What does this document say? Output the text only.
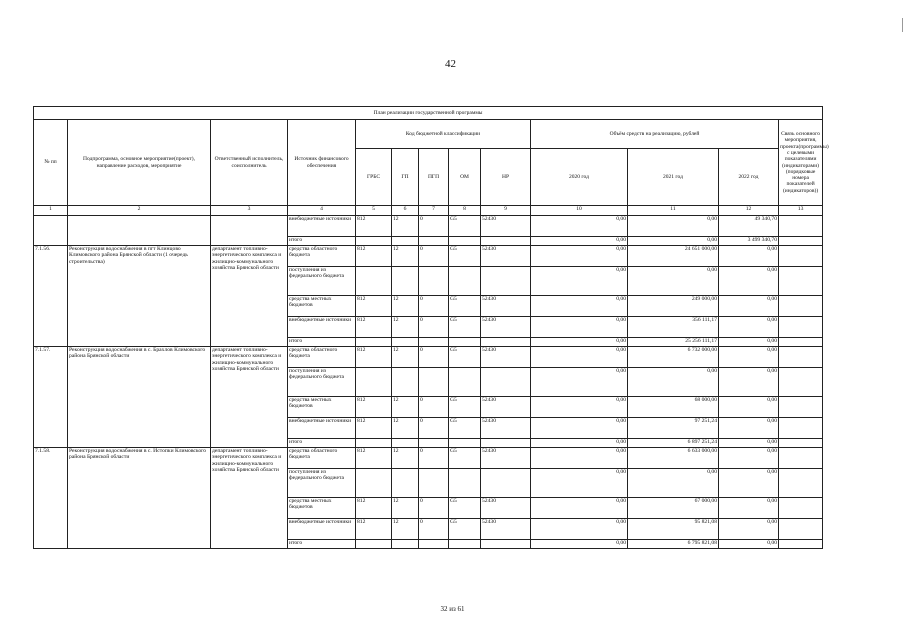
42
План реализации государственной программы												
№ пп	Подпрограмма, основное мероприятие(проект), направление расходов, мероприятие	Ответственный исполнитель, соисполнитель	Источник финансового обеспечения	Код бюджетной классификации					Объём средств на реализацию, рублей			Связь основного мероприятия, проекта(программы) с целевыми показателями (индикаторами) (порядковые номера показателей (индикаторов))
				ГРБС	ГП	ПГП	ОМ	НР	2020 год	2021 год	2022 год	
1	2	3	4	5	6	7	8	9	10	11	12	13
			внебюджетные источники	812	12	0	G5	52430	0,00	0,00	49 340,70	
			итого						0,00	0,00	3 499 340,70	
7.1.56.	Реконструкция водоснабжения в пгт Клинцово Климовского района Брянской области (1 очередь строительства)	департамент топливно-энергетического комплекса и жилищно-коммунального хозяйства Брянской области	средства областного бюджета	812	12	0	G5	52430	0,00	24 651 000,00	0,00	
			поступления из федерального бюджета						0,00	0,00	0,00	
			средства местных бюджетов	812	12	0	G5	52430	0,00	249 000,00	0,00	
			внебюджетные источники	812	12	0	G5	52430	0,00	356 111,17	0,00	
			итого						0,00	25 256 111,17	0,00	
7.1.57.	Реконструкция водоснабжения в с. Брахлов Климовского района Брянской области	департамент топливно-энергетического комплекса и жилищно-коммунального хозяйства Брянской области	средства областного бюджета	812	12	0	G5	52430	0,00	6 732 000,00	0,00	
			поступления из федерального бюджета						0,00	0,00	0,00	
			средства местных бюджетов	812	12	0	G5	52430	0,00	68 000,00	0,00	
			внебюджетные источники	812	12	0	G5	52430	0,00	97 251,24	0,00	
			итого						0,00	6 897 251,24	0,00	
7.1.58.	Реконструкция водоснабжения в с. Истопки Климовского района Брянской области	департамент топливно-энергетического комплекса и жилищно-коммунального хозяйства Брянской области	средства областного бюджета	812	12	0	G5	52430	0,00	6 633 000,00	0,00	
			поступления из федерального бюджета						0,00	0,00	0,00	
			средства местных бюджетов	812	12	0	G5	52430	0,00	67 000,00	0,00	
			внебюджетные источники	812	12	0	G5	52430	0,00	95 821,08	0,00	
			итого						0,00	6 795 821,08	0,00	
32 из 61
